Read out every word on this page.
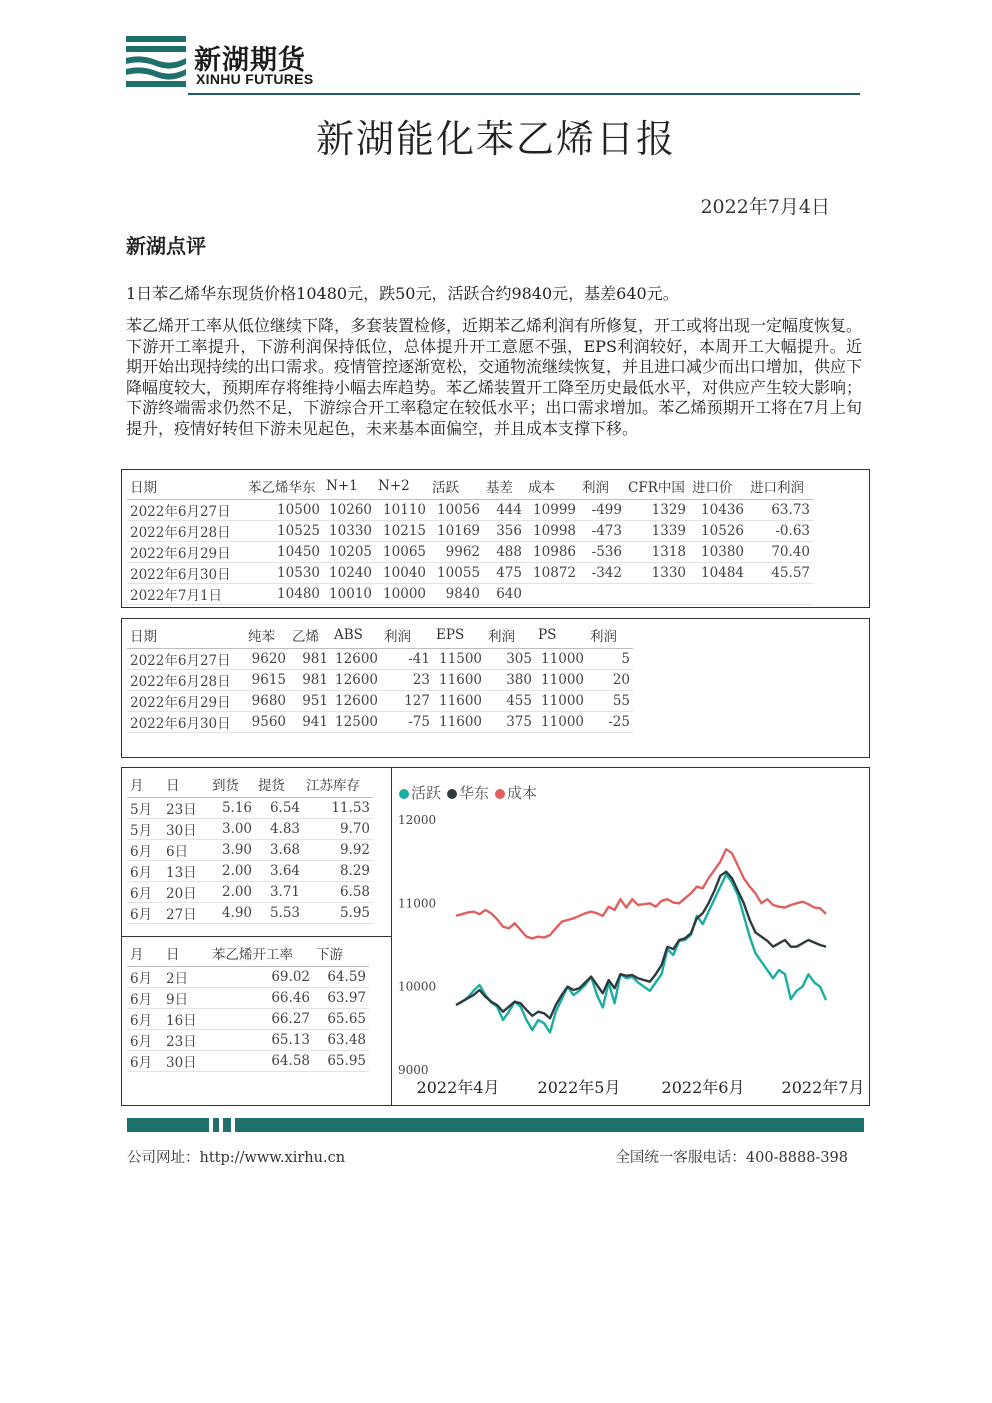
新湖期货
XINHU FUTURES
新湖能化苯乙烯日报
2022年7月4日
新湖点评
1日苯乙烯华东现货价格10480元，跌50元，活跃合约9840元，基差640元。
苯乙烯开工率从低位继续下降，多套装置检修，近期苯乙烯利润有所修复，开工或将出现一定幅度恢复。下游开工率提升，下游利润保持低位，总体提升开工意愿不强，EPS利润较好，本周开工大幅提升。近期开始出现持续的出口需求。疫情管控逐渐宽松，交通物流继续恢复，并且进口减少而出口增加，供应下降幅度较大，预期库存将维持小幅去库趋势。苯乙烯装置开工降至历史最低水平，对供应产生较大影响；下游终端需求仍然不足，下游综合开工率稳定在较低水平；出口需求增加。苯乙烯预期开工将在7月上旬提升，疫情好转但下游未见起色，未来基本面偏空，并且成本支撑下移。
日期	苯乙烯华东	N+1	N+2	活跃	基差	成本	利润	CFR中国	进口价	进口利润
2022年6月27日	10500	10260	10110	10056	444	10999	-499	1329	10436	63.73
2022年6月28日	10525	10330	10215	10169	356	10998	-473	1339	10526	-0.63
2022年6月29日	10450	10205	10065	9962	488	10986	-536	1318	10380	70.40
2022年6月30日	10530	10240	10040	10055	475	10872	-342	1330	10484	45.57
2022年7月1日	10480	10010	10000	9840	640					
日期	纯苯	乙烯	ABS	利润	EPS	利润	PS	利润
2022年6月27日	9620	981	12600	-41	11500	305	11000	5
2022年6月28日	9615	981	12600	23	11600	380	11000	20
2022年6月29日	9680	951	12600	127	11600	455	11000	55
2022年6月30日	9560	941	12500	-75	11600	375	11000	-25
月	日	到货	提货	江苏库存
5月	23日	5.16	6.54	11.53
5月	30日	3.00	4.83	9.70
6月	6日	3.90	3.68	9.92
6月	13日	2.00	3.64	8.29
6月	20日	2.00	3.71	6.58
6月	27日	4.90	5.53	5.95
月	日	苯乙烯开工率	下游
6月	2日	69.02	64.59
6月	9日	66.46	63.97
6月	16日	66.27	65.65
6月	23日	65.13	63.48
6月	30日	64.58	65.95
活跃 华东 成本
9000
10000
11000
12000
2022年4月 2022年5月	2022年6月 2022年7月
公司网址：http://www.xirhu.cn	全国统一客服电话：400-8888-398
